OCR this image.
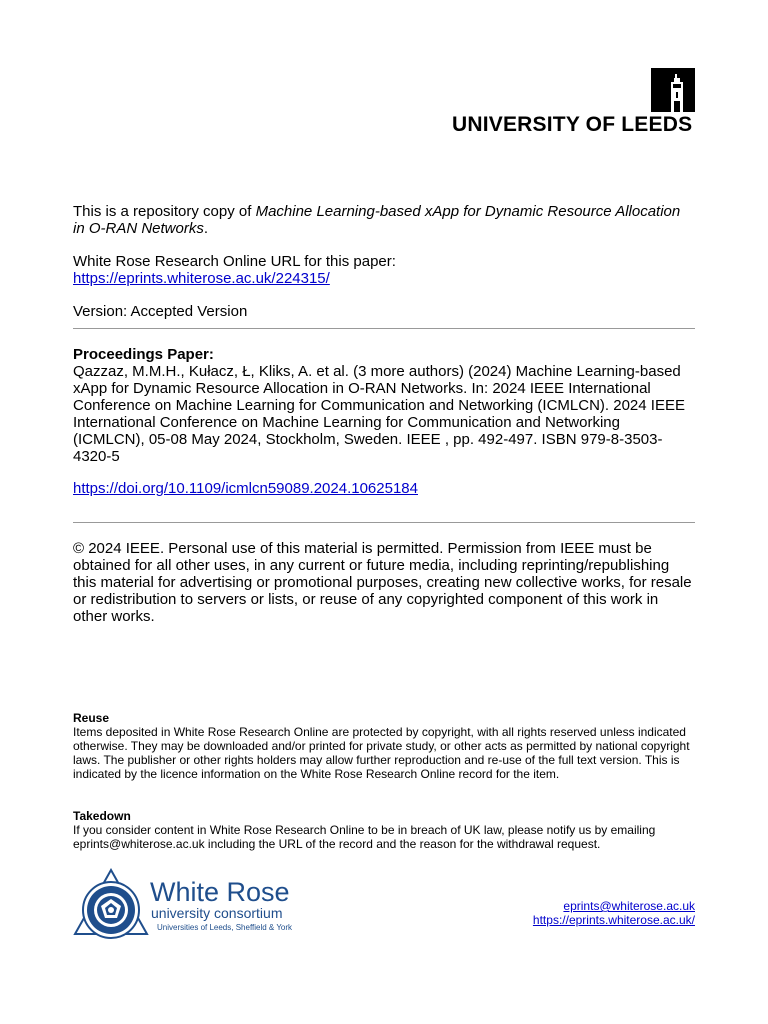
UNIVERSITY OF LEEDS
This is a repository copy of Machine Learning-based xApp for Dynamic Resource Allocation in O-RAN Networks.
White Rose Research Online URL for this paper:
https://eprints.whiterose.ac.uk/224315/
Version: Accepted Version
Proceedings Paper:
Qazzaz, M.M.H., Kułacz, Ł, Kliks, A. et al. (3 more authors) (2024) Machine Learning-based xApp for Dynamic Resource Allocation in O-RAN Networks. In: 2024 IEEE International Conference on Machine Learning for Communication and Networking (ICMLCN). 2024 IEEE International Conference on Machine Learning for Communication and Networking (ICMLCN), 05-08 May 2024, Stockholm, Sweden. IEEE , pp. 492-497. ISBN 979-8-3503-4320-5
https://doi.org/10.1109/icmlcn59089.2024.10625184
© 2024 IEEE. Personal use of this material is permitted. Permission from IEEE must be obtained for all other uses, in any current or future media, including reprinting/republishing this material for advertising or promotional purposes, creating new collective works, for resale or redistribution to servers or lists, or reuse of any copyrighted component of this work in other works.
Reuse
Items deposited in White Rose Research Online are protected by copyright, with all rights reserved unless indicated otherwise. They may be downloaded and/or printed for private study, or other acts as permitted by national copyright laws. The publisher or other rights holders may allow further reproduction and re-use of the full text version. This is indicated by the licence information on the White Rose Research Online record for the item.
Takedown
If you consider content in White Rose Research Online to be in breach of UK law, please notify us by emailing eprints@whiterose.ac.uk including the URL of the record and the reason for the withdrawal request.
White Rose
university consortium
Universities of Leeds, Sheffield & York
eprints@whiterose.ac.uk
https://eprints.whiterose.ac.uk/
